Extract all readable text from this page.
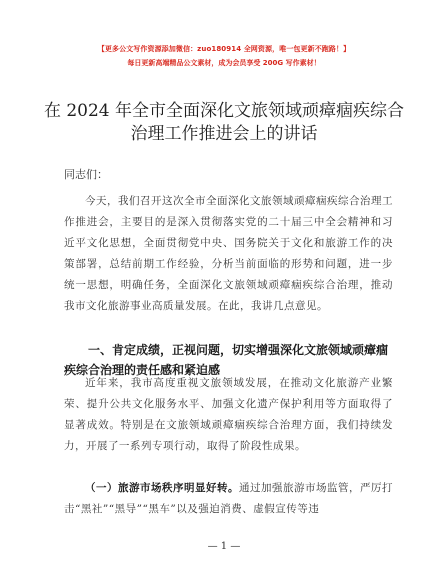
【更多公文写作资源添加微信：zuo180914 全网资源，唯一包更新不跑路！】
每日更新高端精品公文素材，成为会员享受 200G 写作素材！
在 2024 年全市全面深化文旅领域顽瘴痼疾综合
治理工作推进会上的讲话
同志们：

今天，我们召开这次全市全面深化文旅领域顽瘴痼疾综合治理工作推进会，主要目的是深入贯彻落实党的二十届三中全会精神和习近平文化思想，全面贯彻党中央、国务院关于文化和旅游工作的决策部署，总结前期工作经验，分析当前面临的形势和问题，进一步统一思想，明确任务，全面深化文旅领域顽瘴痼疾综合治理，推动我市文化旅游事业高质量发展。在此，我讲几点意见。

一、肯定成绩，正视问题，切实增强深化文旅领域顽瘴痼疾综合治理的责任感和紧迫感

近年来，我市高度重视文旅领域发展，在推动文化旅游产业繁荣、提升公共文化服务水平、加强文化遗产保护利用等方面取得了显著成效。特别是在文旅领域顽瘴痼疾综合治理方面，我们持续发力，开展了一系列专项行动，取得了阶段性成果。

（一）旅游市场秩序明显好转。通过加强旅游市场监管，严厉打击“黑社”“黑导”“黑车”以及强迫消费、虚假宣传等违

— 1 —
